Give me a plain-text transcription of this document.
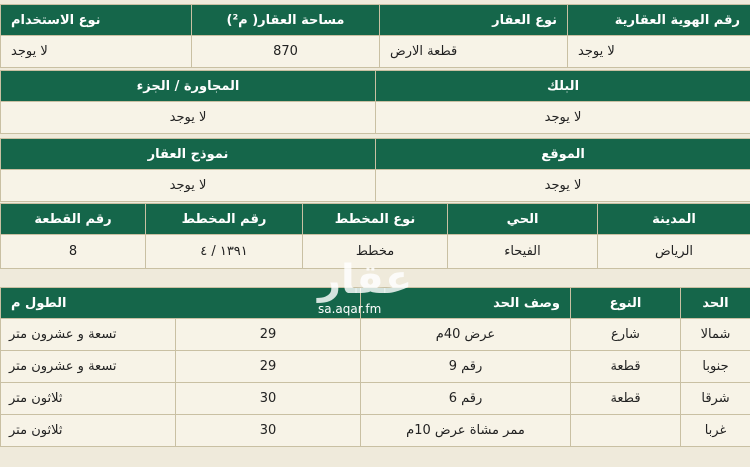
رقم الهوية العقارية	نوع العقار	مساحة العقار( م²)	نوع الاستخدام
لا يوجد	قطعة الارض	870	لا يوجد
البلك	المجاورة / الجزء
لا يوجد	لا يوجد
الموقع	نموذج العقار
لا يوجد	لا يوجد
المدينة	الحي	نوع المخطط	رقم المخطط	رقم القطعة
الرياض	الفيحاء	مخطط	١٣٩١ / ٤	8
الحد	النوع	وصف الحد	الطول م	
شمالا	شارع	عرض 40م	29	تسعة و عشرون متر
جنوبا	قطعة	رقم 9	29	تسعة و عشرون متر
شرقا	قطعة	رقم 6	30	ثلاثون متر
غربا		ممر مشاة عرض 10م	30	ثلاثون متر
عقار
sa.aqar.fm
